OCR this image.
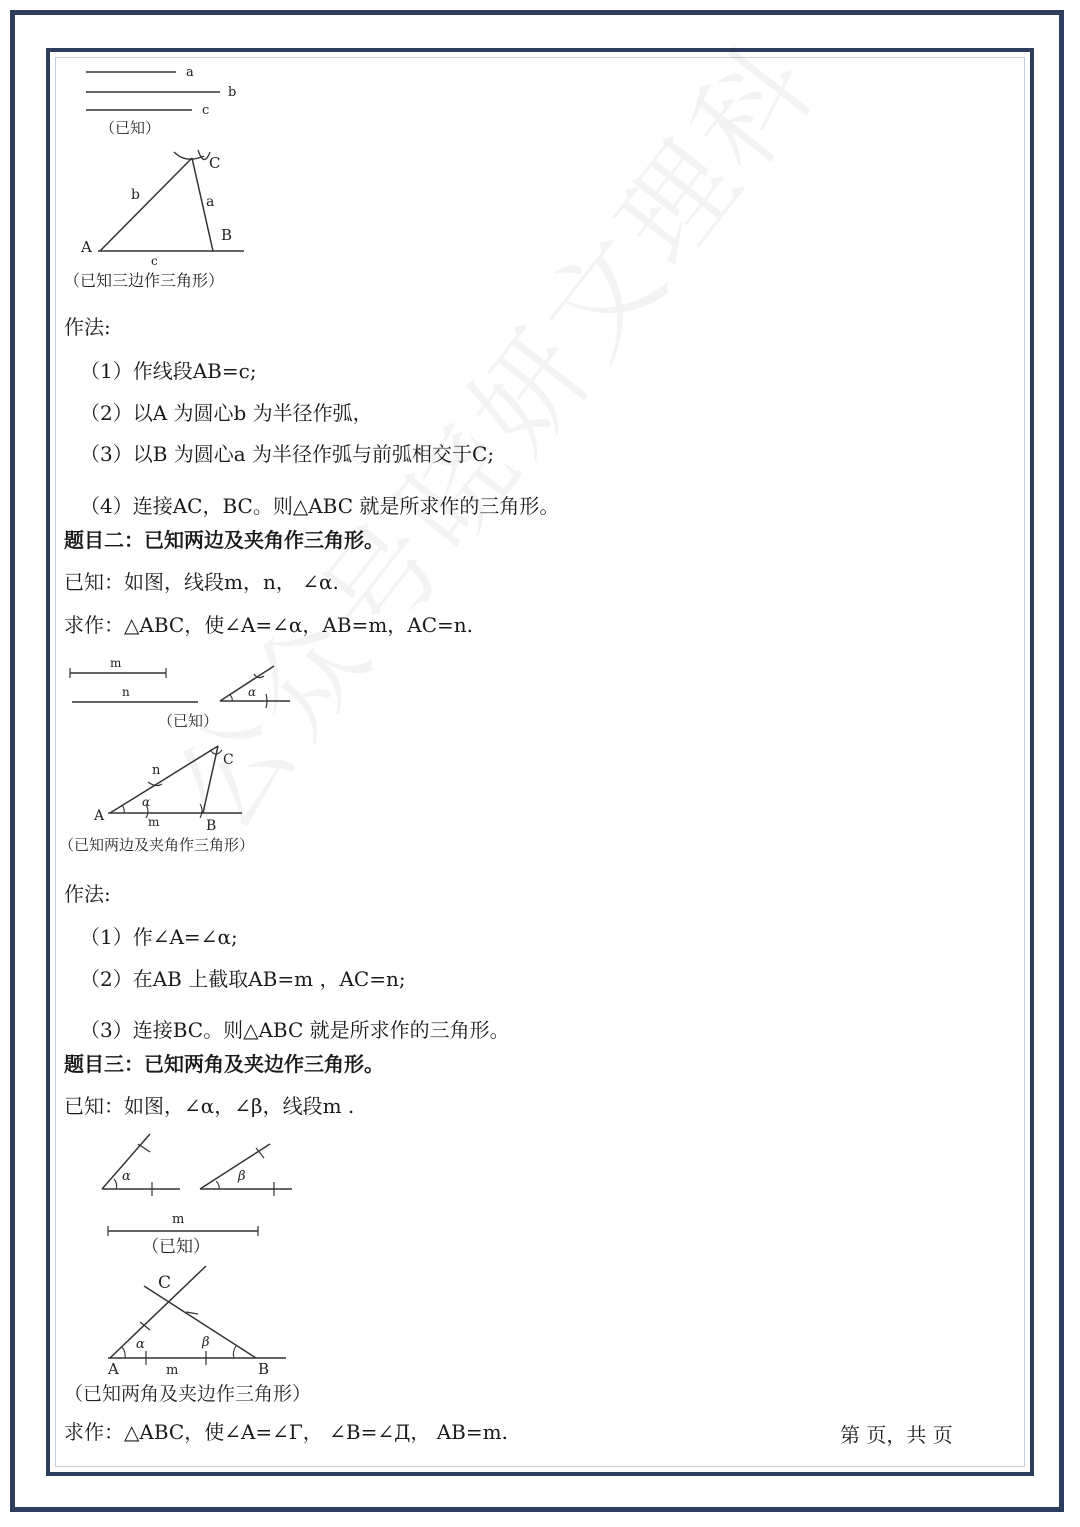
a
b
c
（已知）
C
b	a
B
A
c
（已知三边作三角形）
作法:
（1）作线段AB=c;
（2）以A 为圆心b 为半径作弧，
（3）以B 为圆心a 为半径作弧与前弧相交于C;
（4）连接AC，BC。则△ABC 就是所求作的三角形。
题目二：已知两边及夹角作三角形。
已知：如图，线段m，n， ∠α.
求作：△ABC，使∠A=∠α，AB=m，AC=n.
m
n	α
（已知）
C
n
α
A	m	B
（已知两边及夹角作三角形）
作法:
（1）作∠A=∠α;
（2）在AB 上截取AB=m ，AC=n;
（3）连接BC。则△ABC 就是所求作的三角形。
题目三：已知两角及夹边作三角形。
已知：如图，∠α，∠β，线段m .
α	β
m
（已知）
C
α	β
A	m	B
（已知两角及夹边作三角形）
求作：△ABC，使∠A=∠Γ， ∠B=∠Д， AB=m.	第 页，共 页
